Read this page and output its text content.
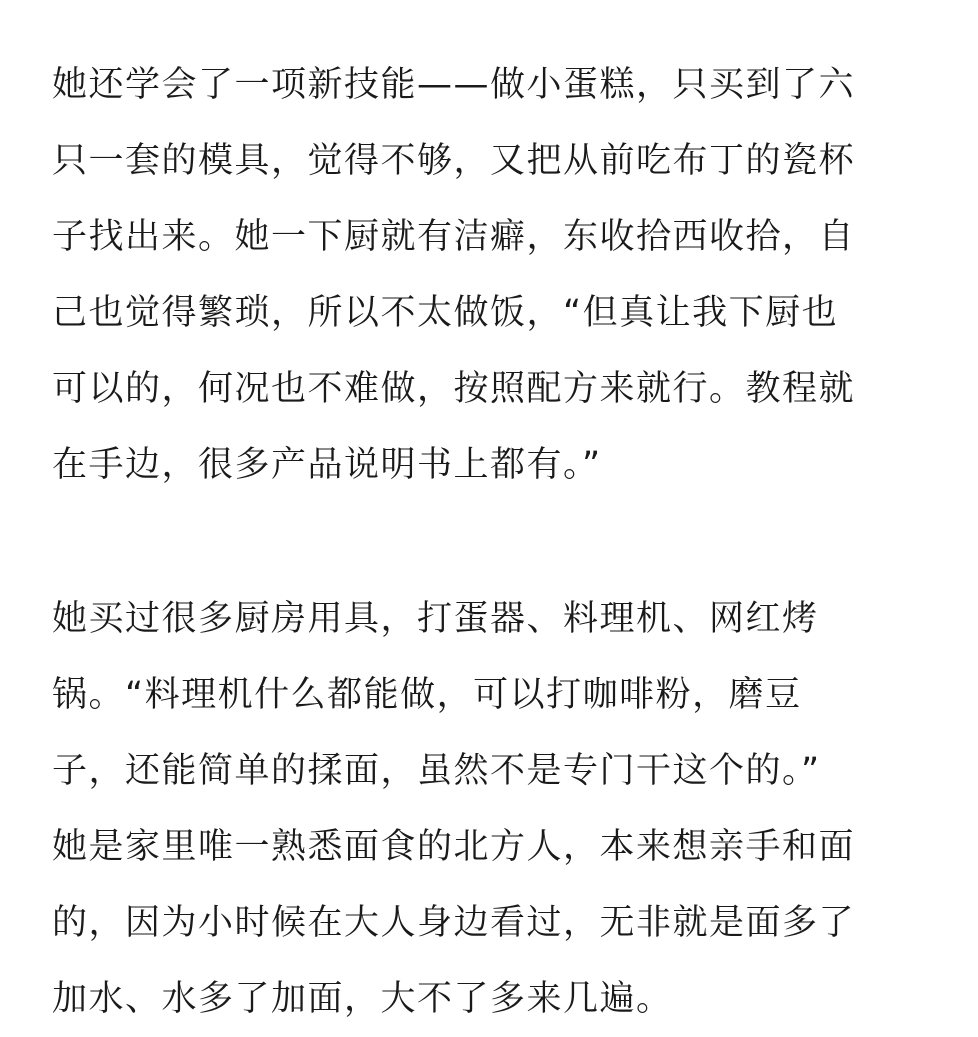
她还学会了一项新技能——做小蛋糕，只买到了六
只一套的模具，觉得不够，又把从前吃布丁的瓷杯
子找出来。她一下厨就有洁癖，东收拾西收拾，自
己也觉得繁琐，所以不太做饭，“但真让我下厨也
可以的，何况也不难做，按照配方来就行。教程就
在手边，很多产品说明书上都有。”

她买过很多厨房用具，打蛋器、料理机、网红烤
锅。“料理机什么都能做，可以打咖啡粉，磨豆
子，还能简单的揉面，虽然不是专门干这个的。”
她是家里唯一熟悉面食的北方人，本来想亲手和面
的，因为小时候在大人身边看过，无非就是面多了
加水、水多了加面，大不了多来几遍。
